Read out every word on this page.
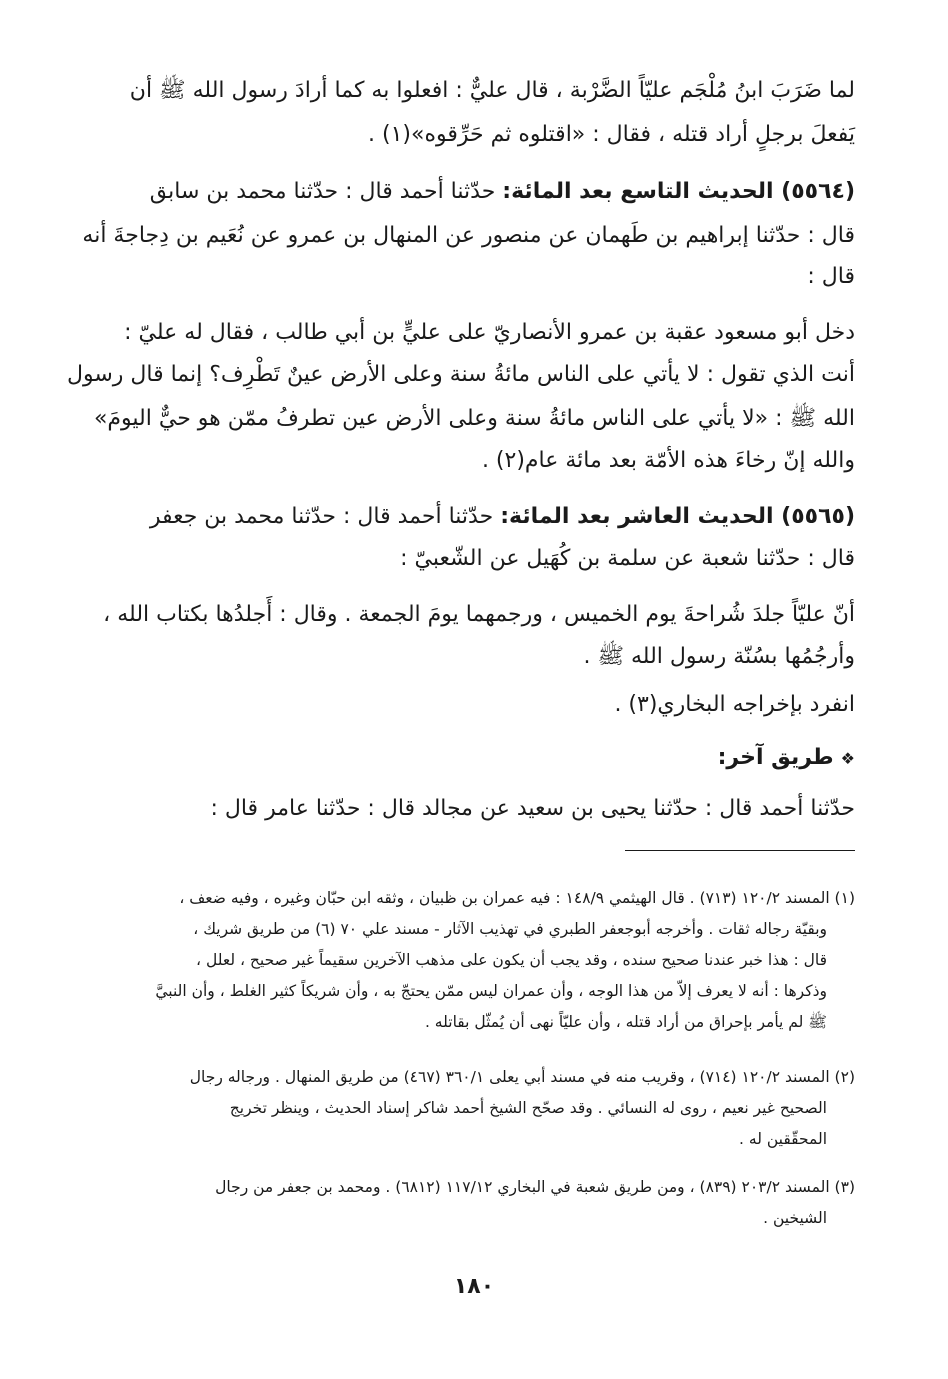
لما ضَرَبَ ابنُ مُلْجَم عليّاً الضَّرْبة ، قال عليٌّ : افعلوا به كما أرادَ رسول الله ﷺ أن
يَفعلَ برجلٍ أراد قتله ، فقال : «اقتلوه ثم حَرِّقوه»(١) .
(٥٥٦٤) الحديث التاسع بعد المائة: حدّثنا أحمد قال : حدّثنا محمد بن سابق
قال : حدّثنا إبراهيم بن طَهمان عن منصور عن المنهال بن عمرو عن نُعَيم بن دِجاجةَ أنه
قال :
دخل أبو مسعود عقبة بن عمرو الأنصاريّ على عليٍّ بن أبي طالب ، فقال له عليّ :
أنت الذي تقول : لا يأتي على الناس مائةُ سنة وعلى الأرض عينٌ تَطْرِف؟ إنما قال رسول
الله ﷺ : «لا يأتي على الناس مائةُ سنة وعلى الأرض عين تطرفُ ممّن هو حيٌّ اليومَ»
والله إنّ رخاءَ هذه الأمّة بعد مائة عام(٢) .
(٥٥٦٥) الحديث العاشر بعد المائة: حدّثنا أحمد قال : حدّثنا محمد بن جعفر
قال : حدّثنا شعبة عن سلمة بن كُهَيل عن الشّعبيّ :
أنّ عليّاً جلدَ شُراحةَ يوم الخميس ، ورجمهما يومَ الجمعة . وقال : أَجلدُها بكتاب الله ،
وأرجُمُها بسُنّة رسول الله ﷺ .
انفرد بإخراجه البخاري(٣) .
❖ طريق آخر:
حدّثنا أحمد قال : حدّثنا يحيى بن سعيد عن مجالد قال : حدّثنا عامر قال :
(١) المسند ١٢٠/٢ (٧١٣) . قال الهيثمي ١٤٨/٩ : فيه عمران بن ظبيان ، وثقه ابن حبّان وغيره ، وفيه ضعف ،
وبقيّة رجاله ثقات . وأخرجه أبوجعفر الطبري في تهذيب الآثار - مسند علي ٧٠ (٦) من طريق شريك ،
قال : هذا خبر عندنا صحيح سنده ، وقد يجب أن يكون على مذهب الآخرين سقيماً غير صحيح ، لعلل ،
وذكرها : أنه لا يعرف إلاّ من هذا الوجه ، وأن عمران ليس ممّن يحتجّ به ، وأن شريكاً كثير الغلط ، وأن النبيَّ
ﷺ لم يأمر بإحراق من أراد قتله ، وأن عليّاً نهى أن يُمثّل بقاتله .
(٢) المسند ١٢٠/٢ (٧١٤) ، وقريب منه في مسند أبي يعلى ٣٦٠/١ (٤٦٧) من طريق المنهال . ورجاله رجال
الصحيح غير نعيم ، روى له النسائي . وقد صحّح الشيخ أحمد شاكر إسناد الحديث ، وينظر تخريج
المحقّقين له .
(٣) المسند ٢٠٣/٢ (٨٣٩) ، ومن طريق شعبة في البخاري ١١٧/١٢ (٦٨١٢) . ومحمد بن جعفر من رجال
الشيخين .
١٨٠
